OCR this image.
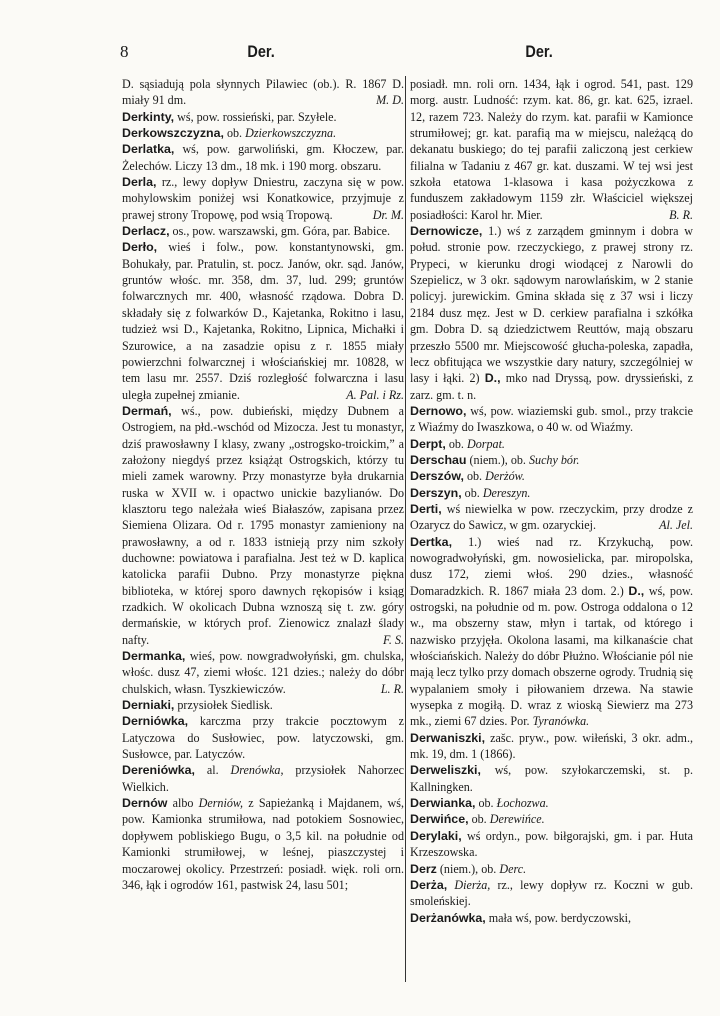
8	Der.	Der.

D. sąsiadują pola słynnych Pilawiec (ob.). R. 1867 D. miały 91 dm.	M. D.

Derkinty, wś, pow. rossieński, par. Szyłele.

Derkowszczyzna, ob. Dzierkowszczyzna.

Derlatka, wś, pow. garwoliński, gm. Kłoczew, par. Żelechów. Liczy 13 dm., 18 mk. i 190 morg. obszaru.

Derla, rz., lewy dopływ Dniestru, zaczyna się w pow. mohylowskim poniżej wsi Konatkowice, przyjmuje z prawej strony Tropowę, pod wsią Tropową.	Dr. M.

Derlacz, os., pow. warszawski, gm. Góra, par. Babice.

Derło, wieś i folw., pow. konstantynowski, gm. Bohukały, par. Pratulin, st. pocz. Janów, okr. sąd. Janów, gruntów włośc. mr. 358, dm. 37, lud. 299; gruntów folwarcznych mr. 400, własność rządowa. Dobra D. składały się z folwarków D., Kajetanka, Rokitno i lasu, tudzież wsi D., Kajetanka, Rokitno, Lipnica, Michałki i Szurowice, a na zasadzie opisu z r. 1855 miały powierzchni folwarcznej i włościańskiej mr. 10828, w tem lasu mr. 2557. Dziś rozległość folwarczna i lasu uległa zupełnej zmianie.	A. Pal. i Rz.

Dermań, wś., pow. dubieński, między Dubnem a Ostrogiem, na płd.-wschód od Mizocza. Jest tu monastyr, dziś prawosławny I klasy, zwany „ostrogsko-troickim,” a założony niegdyś przez książąt Ostrogskich, którzy tu mieli zamek warowny. Przy monastyrze była drukarnia ruska w XVII w. i opactwo unickie bazylianów. Do klasztoru tego należała wieś Białaszów, zapisana przez Siemiena Olizara. Od r. 1795 monastyr zamieniony na prawosławny, a od r. 1833 istnieją przy nim szkoły duchowne: powiatowa i parafialna. Jest też w D. kaplica katolicka parafii Dubno. Przy monastyrze piękna biblioteka, w której sporo dawnych rękopisów i ksiąg rzadkich. W okolicach Dubna wznoszą się t. zw. góry dermańskie, w których prof. Zienowicz znalazł ślady nafty.	F. S.

Dermanka, wieś, pow. nowgradwołyński, gm. chulska, włośc. dusz 47, ziemi włośc. 121 dzies.; należy do dóbr chulskich, własn. Tyszkiewiczów.	L. R.

Derniaki, przysiołek Siedlisk.

Derniówka, karczma przy trakcie pocztowym z Latyczowa do Susłowiec, pow. latyczowski, gm. Susłowce, par. Latyczów.

Dereniówka, al. Drenówka, przysiołek Nahorzec Wielkich.

Dernów albo Derniów, z Sapieżanką i Majdanem, wś, pow. Kamionka strumiłowa, nad potokiem Sosnowiec, dopływem pobliskiego Bugu, o 3,5 kil. na południe od Kamionki strumiłowej, w leśnej, piaszczystej i moczarowej okolicy. Przestrzeń: posiadł. więk. roli orn. 346, łąk i ogrodów 161, pastwisk 24, lasu 501;

posiadł. mn. roli orn. 1434, łąk i ogrod. 541, past. 129 morg. austr. Ludność: rzym. kat. 86, gr. kat. 625, izrael. 12, razem 723. Należy do rzym. kat. parafii w Kamionce strumiłowej; gr. kat. parafią ma w miejscu, należącą do dekanatu buskiego; do tej parafii zaliczoną jest cerkiew filialna w Tadaniu z 467 gr. kat. duszami. W tej wsi jest szkoła etatowa 1-klasowa i kasa pożyczkowa z funduszem zakładowym 1159 złr. Właściciel większej posiadłości: Karol hr. Mier.	B. R.

Dernowicze, 1.) wś z zarządem gminnym i dobra w połud. stronie pow. rzeczyckiego, z prawej strony rz. Prypeci, w kierunku drogi wiodącej z Narowli do Szepielicz, w 3 okr. sądowym narowlańskim, w 2 stanie policyj. jurewickim. Gmina składa się z 37 wsi i liczy 2184 dusz męz. Jest w D. cerkiew parafialna i szkółka gm. Dobra D. są dziedzictwem Reuttów, mają obszaru przeszło 5500 mr. Miejscowość głucha-poleska, zapadła, lecz obfitująca we wszystkie dary natury, szczególniej w lasy i łąki. 2) D., mko nad Dryssą, pow. dryssieński, z zarz. gm. t. n.

Dernowo, wś, pow. wiaziemski gub. smol., przy trakcie z Wiaźmy do Iwaszkowa, o 40 w. od Wiaźmy.

Derpt, ob. Dorpat.

Derschau (niem.), ob. Suchy bór.

Derszów, ob. Derżów.

Derszyn, ob. Dereszyn.

Derti, wś niewielka w pow. rzeczyckim, przy drodze z Ozarycz do Sawicz, w gm. ozaryckiej.	Al. Jel.

Dertka, 1.) wieś nad rz. Krzykuchą, pow. nowogradwołyński, gm. nowosielicka, par. miropolska, dusz 172, ziemi włoś. 290 dzies., własność Domaradzkich. R. 1867 miała 23 dom. 2.) D., wś, pow. ostrogski, na południe od m. pow. Ostroga oddalona o 12 w., ma obszerny staw, młyn i tartak, od którego i nazwisko przyjęła. Okolona lasami, ma kilkanaście chat włościańskich. Należy do dóbr Płużno. Włościanie pól nie mają lecz tylko przy domach obszerne ogrody. Trudnią się wypalaniem smoły i piłowaniem drzewa. Na stawie wysepka z mogiłą. D. wraz z wioską Siewierz ma 273 mk., ziemi 67 dzies. Por. Tyranówka.

Derwaniszki, zašc. pryw., pow. wiłeński, 3 okr. adm., mk. 19, dm. 1 (1866).

Derweliszki, wś, pow. szyłokarczemski, st. p. Kallningken.

Derwianka, ob. Łochozwa.

Derwińce, ob. Derewińce.

Derylaki, wś ordyn., pow. biłgorajski, gm. i par. Huta Krzeszowska.

Derz (niem.), ob. Derc.

Derża, Dierża, rz., lewy dopływ rz. Koczni w gub. smoleńskiej.

Derżanówka, mała wś, pow. berdyczowski,
